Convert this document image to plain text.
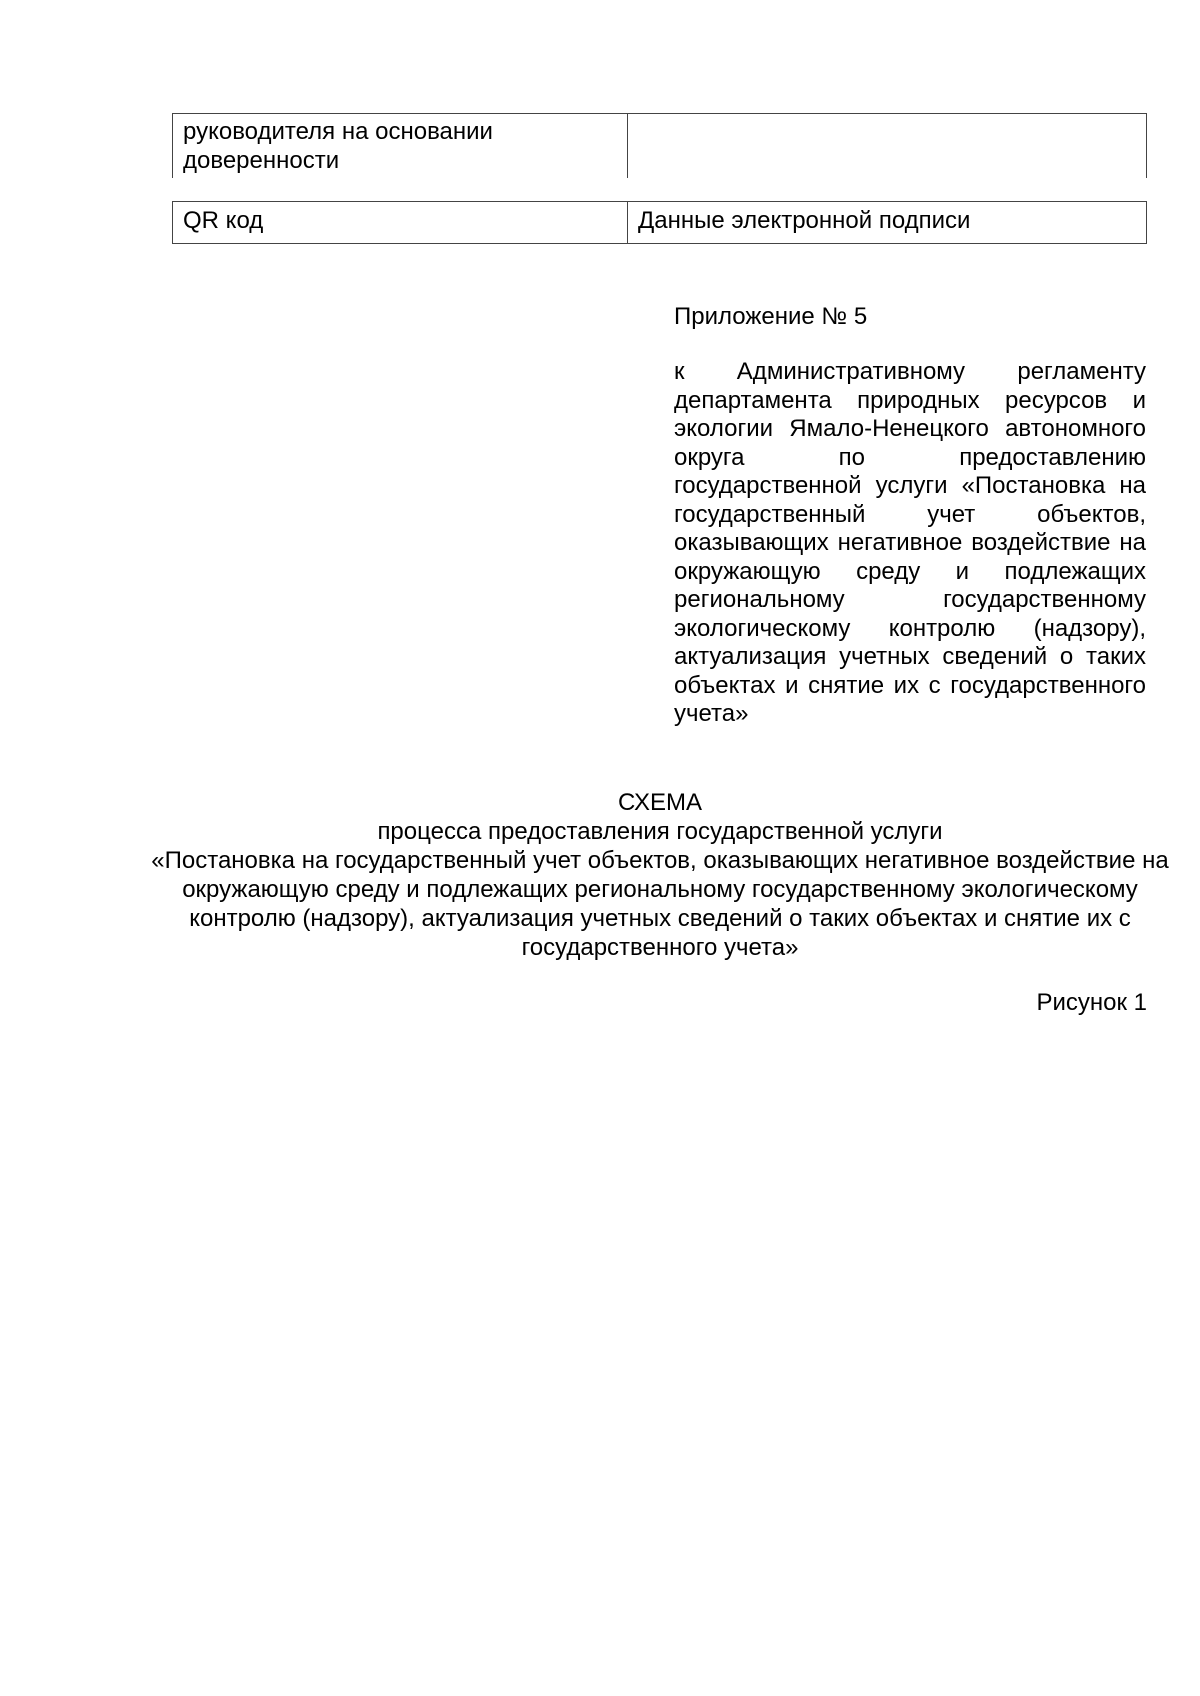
руководителя на основании доверенности	
QR код	Данные электронной подписи
Приложение № 5
к Административному регламенту департамента природных ресурсов и экологии Ямало-Ненецкого автономного округа по предоставлению государственной услуги «Постановка на государственный учет объектов, оказывающих негативное воздействие на окружающую среду и подлежащих региональному государственному экологическому контролю (надзору), актуализация учетных сведений о таких объектах и снятие их с государственного учета»
СХЕМА
процесса предоставления государственной услуги
«Постановка на государственный учет объектов, оказывающих негативное воздействие на окружающую среду и подлежащих региональному государственному экологическому контролю (надзору), актуализация учетных сведений о таких объектах и снятие их с государственного учета»
Рисунок 1
